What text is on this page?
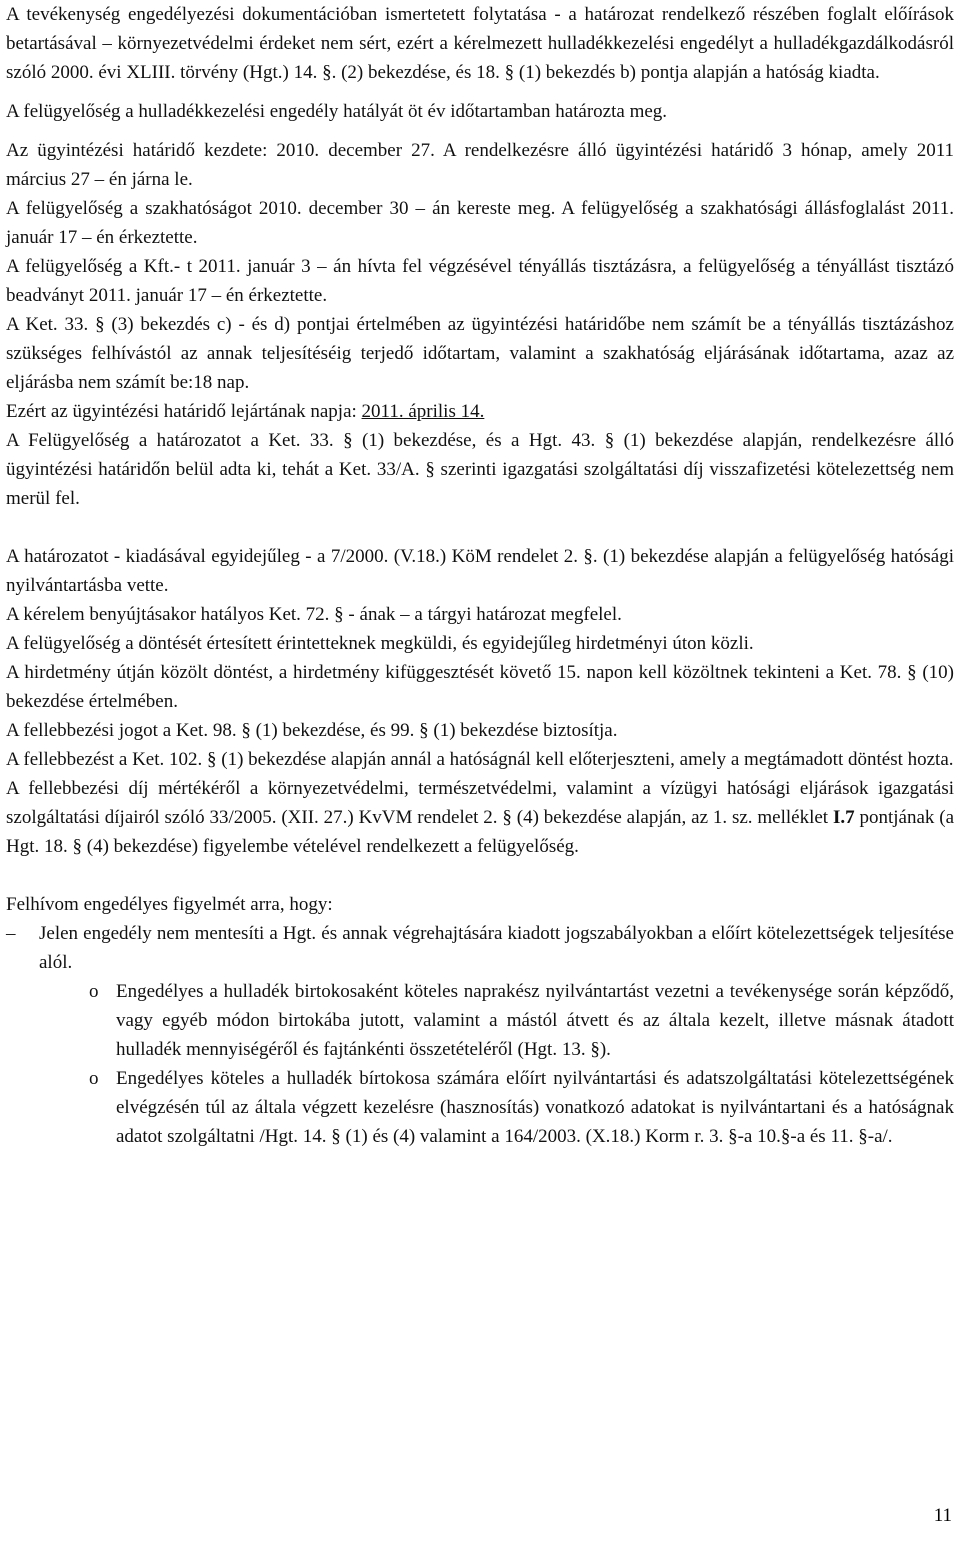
A tevékenység engedélyezési dokumentációban ismertetett folytatása - a határozat rendelkező részében foglalt előírások betartásával – környezetvédelmi érdeket nem sért, ezért a kérelmezett hulladékkezelési engedélyt a hulladékgazdálkodásról szóló 2000. évi XLIII. törvény (Hgt.) 14. §. (2) bekezdése, és 18. § (1) bekezdés b) pontja alapján a hatóság kiadta.

A felügyelőség a hulladékkezelési engedély hatályát öt év időtartamban határozta meg.

Az ügyintézési határidő kezdete: 2010. december 27. A rendelkezésre álló ügyintézési határidő 3 hónap, amely 2011 március 27 – én járna le.

A felügyelőség a szakhatóságot 2010. december 30 – án kereste meg. A felügyelőség a szakhatósági állásfoglalást 2011. január 17 – én érkeztette.

A felügyelőség a Kft.- t 2011. január 3 – án hívta fel végzésével tényállás tisztázásra, a felügyelőség a tényállást tisztázó beadványt 2011. január 17 – én érkeztette.

A Ket. 33. § (3) bekezdés c) - és d) pontjai értelmében az ügyintézési határidőbe nem számít be a tényállás tisztázáshoz szükséges felhívástól az annak teljesítéséig terjedő időtartam, valamint a szakhatóság eljárásának időtartama, azaz az eljárásba nem számít be:18 nap.

Ezért az ügyintézési határidő lejártának napja: 2011. április 14.

A Felügyelőség a határozatot a Ket. 33. § (1) bekezdése, és a Hgt. 43. § (1) bekezdése alapján, rendelkezésre álló ügyintézési határidőn belül adta ki, tehát a Ket. 33/A. § szerinti igazgatási szolgáltatási díj visszafizetési kötelezettség nem merül fel.

A határozatot - kiadásával egyidejűleg - a 7/2000. (V.18.) KöM rendelet 2. §. (1) bekezdése alapján a felügyelőség hatósági nyilvántartásba vette.

A kérelem benyújtásakor hatályos Ket. 72. § - ának – a tárgyi határozat megfelel.

A felügyelőség a döntését értesített érintetteknek megküldi, és egyidejűleg hirdetményi úton közli.

A hirdetmény útján közölt döntést, a hirdetmény kifüggesztését követő 15. napon kell közöltnek tekinteni a Ket. 78. § (10) bekezdése értelmében.

A fellebbezési jogot a Ket. 98. § (1) bekezdése, és 99. § (1) bekezdése biztosítja.

A fellebbezést a Ket. 102. § (1) bekezdése alapján annál a hatóságnál kell előterjeszteni, amely a megtámadott döntést hozta.

A fellebbezési díj mértékéről a környezetvédelmi, természetvédelmi, valamint a vízügyi hatósági eljárások igazgatási szolgáltatási díjairól szóló 33/2005. (XII. 27.) KvVM rendelet 2. § (4) bekezdése alapján, az 1. sz. melléklet I.7 pontjának (a Hgt. 18. § (4) bekezdése) figyelembe vételével rendelkezett a felügyelőség.

Felhívom engedélyes figyelmét arra, hogy:

–	Jelen engedély nem mentesíti a Hgt. és annak végrehajtására kiadott jogszabályokban a előírt kötelezettségek teljesítése alól.

o Engedélyes a hulladék birtokosaként köteles naprakész nyilvántartást vezetni a tevékenysége során képződő, vagy egyéb módon birtokába jutott, valamint a mástól átvett és az általa kezelt, illetve másnak átadott hulladék mennyiségéről és fajtánkénti összetételéről (Hgt. 13. §).

o Engedélyes köteles a hulladék bírtokosa számára előírt nyilvántartási és adatszolgáltatási kötelezettségének elvégzésén túl az általa végzett kezelésre (hasznosítás) vonatkozó adatokat is nyilvántartani és a hatóságnak adatot szolgáltatni /Hgt. 14. § (1) és (4) valamint a 164/2003. (X.18.) Korm r. 3. §-a 10.§-a és 11. §-a/.

11
